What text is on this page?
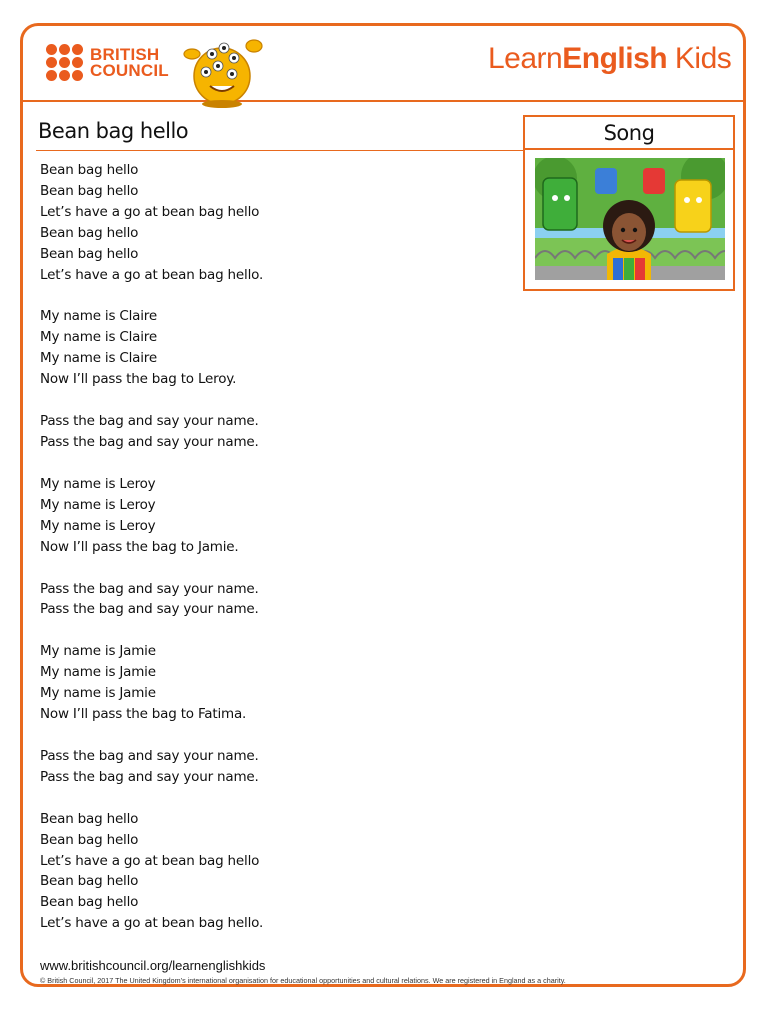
BRITISH
COUNCIL	LearnEnglish Kids
Bean bag hello	Song
Bean bag hello
Bean bag hello
Let’s have a go at bean bag hello
Bean bag hello
Bean bag hello
Let’s have a go at bean bag hello.
My name is Claire
My name is Claire
My name is Claire
Now I’ll pass the bag to Leroy.
Pass the bag and say your name.
Pass the bag and say your name.
My name is Leroy
My name is Leroy
My name is Leroy
Now I’ll pass the bag to Jamie.
Pass the bag and say your name.
Pass the bag and say your name.
My name is Jamie
My name is Jamie
My name is Jamie
Now I’ll pass the bag to Fatima.
Pass the bag and say your name.
Pass the bag and say your name.
Bean bag hello
Bean bag hello
Let’s have a go at bean bag hello
Bean bag hello
Bean bag hello
Let’s have a go at bean bag hello.
www.britishcouncil.org/learnenglishkids
© British Council, 2017 The United Kingdom’s international organisation for educational opportunities and cultural relations. We are registered in England as a charity.
